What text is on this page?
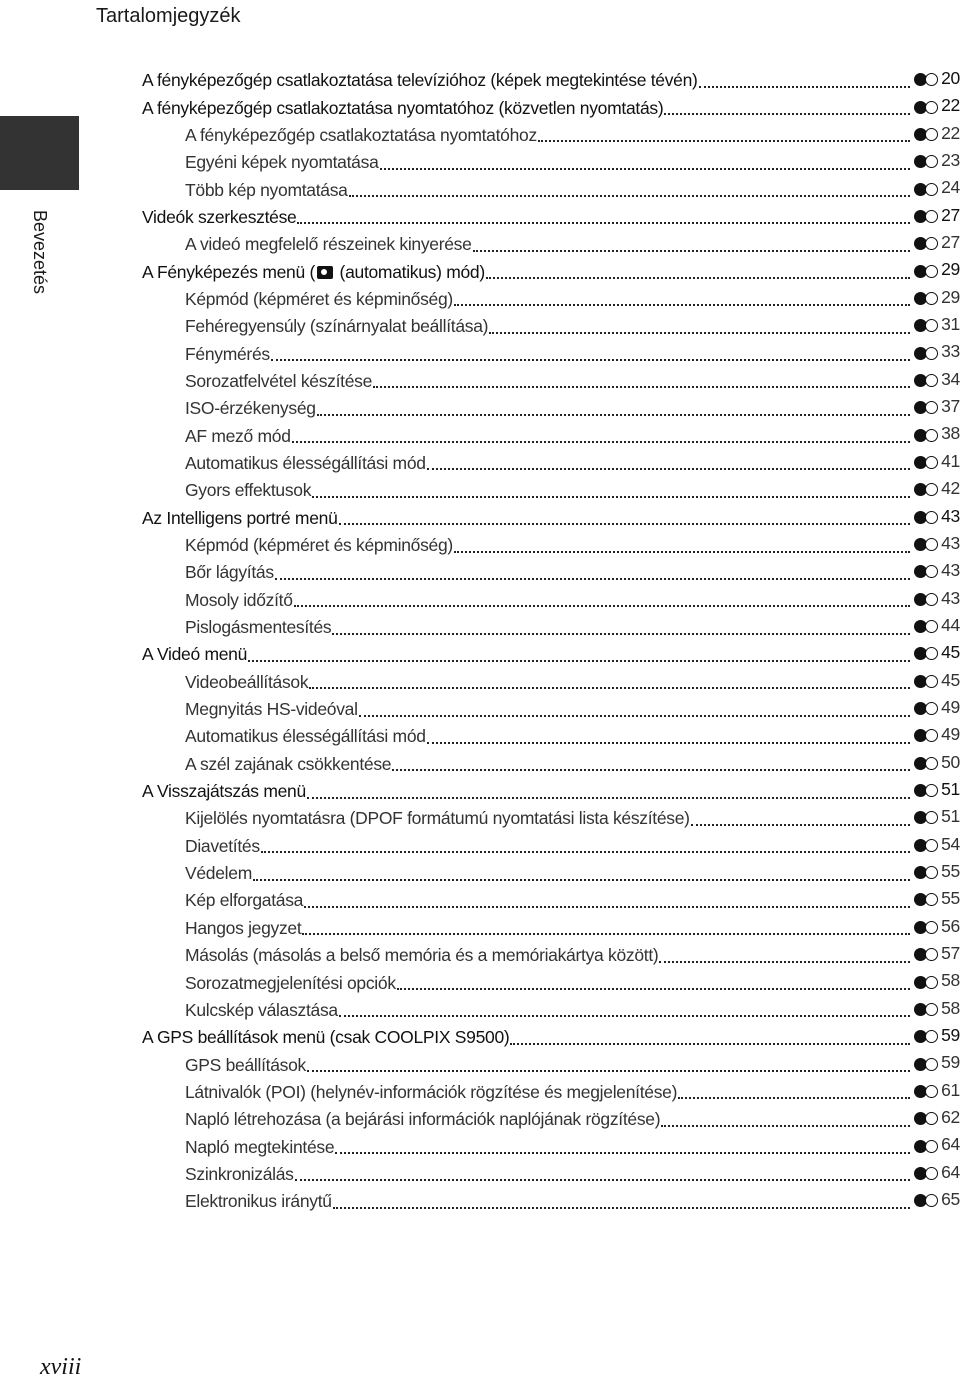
Tartalomjegyzék
Bevezetés
A fényképezőgép csatlakoztatása televízióhoz (képek megtekintése tévén)	20
A fényképezőgép csatlakoztatása nyomtatóhoz (közvetlen nyomtatás)	22
A fényképezőgép csatlakoztatása nyomtatóhoz	22
Egyéni képek nyomtatása	23
Több kép nyomtatása	24
Videók szerkesztése	27
A videó megfelelő részeinek kinyerése	27
A Fényképezés menü ( (automatikus) mód)	29
Képmód (képméret és képminőség)	29
Fehéregyensúly (színárnyalat beállítása)	31
Fénymérés	33
Sorozatfelvétel készítése	34
ISO-érzékenység	37
AF mező mód	38
Automatikus élességállítási mód	41
Gyors effektusok	42
Az Intelligens portré menü	43
Képmód (képméret és képminőség)	43
Bőr lágyítás	43
Mosoly időzítő	43
Pislogásmentesítés	44
A Videó menü	45
Videobeállítások	45
Megnyitás HS-videóval	49
Automatikus élességállítási mód	49
A szél zajának csökkentése	50
A Visszajátszás menü	51
Kijelölés nyomtatásra (DPOF formátumú nyomtatási lista készítése)	51
Diavetítés	54
Védelem	55
Kép elforgatása	55
Hangos jegyzet	56
Másolás (másolás a belső memória és a memóriakártya között)	57
Sorozatmegjelenítési opciók	58
Kulcskép választása	58
A GPS beállítások menü (csak COOLPIX S9500)	59
GPS beállítások	59
Látnivalók (POI) (helynév-információk rögzítése és megjelenítése)	61
Napló létrehozása (a bejárási információk naplójának rögzítése)	62
Napló megtekintése	64
Szinkronizálás	64
Elektronikus iránytű	65
xviii
